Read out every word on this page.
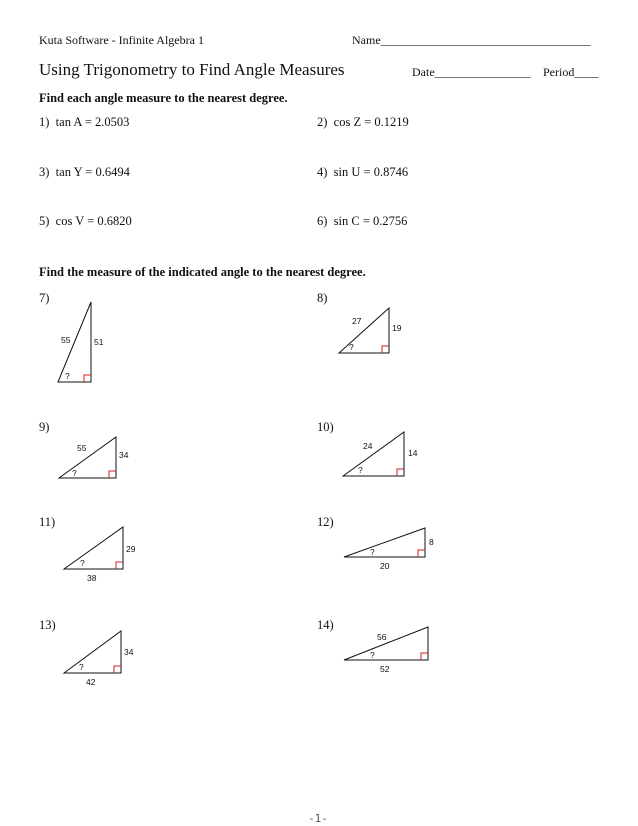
Kuta Software - Infinite Algebra 1	Name___________________________________
Using Trigonometry to Find Angle Measures	Date________________ Period____
Find each angle measure to the nearest degree.
1) tan A = 2.0503	2) cos Z = 0.1219
3) tan Y = 0.6494	4) sin U = 0.8746
5) cos V = 0.6820	6) sin C = 0.2756
Find the measure of the indicated angle to the nearest degree.
7)	8)
9)	10)
11)	12)
13)	14)
55	51
?
27
19
?
55
34
?
24
14
?
29
38
?
8
20
?
34
42
?
56
52
?
-1-
